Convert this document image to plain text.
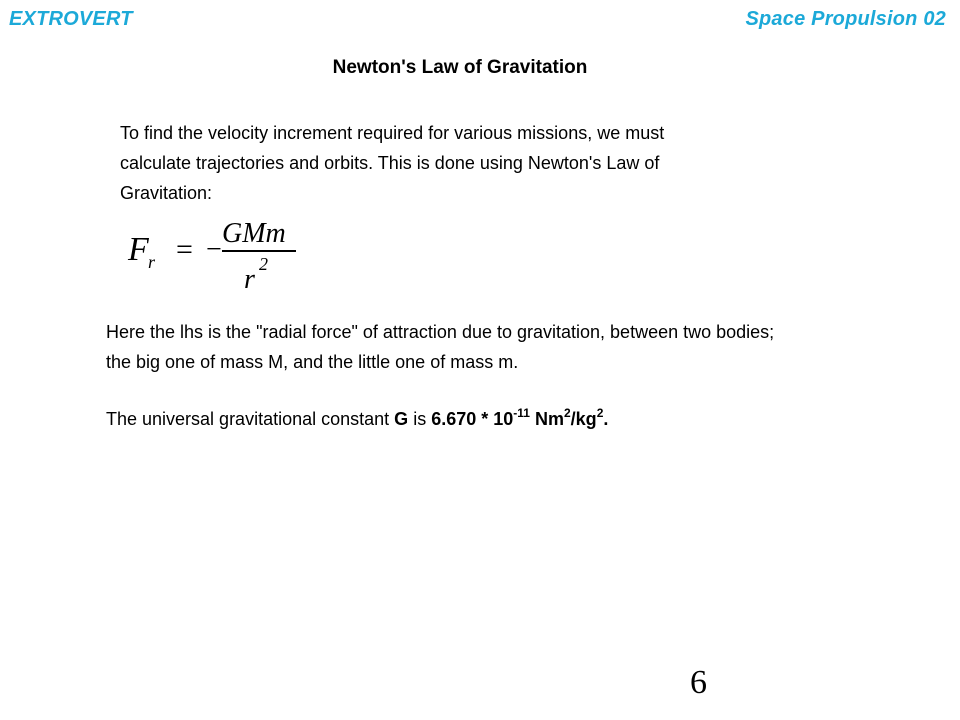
EXTROVERT	Space Propulsion 02
Newton's Law of Gravitation

To find the velocity increment required for various missions, we must calculate trajectories and orbits. This is done using Newton's Law of Gravitation:

F r = −
GMm
r 2

Here the lhs is the "radial force" of attraction due to gravitation, between two bodies; the big one of mass M, and the little one of mass m.

The universal gravitational constant G is $6.670 * 10^{-11}$ $Nm^2/kg^2$.

6
